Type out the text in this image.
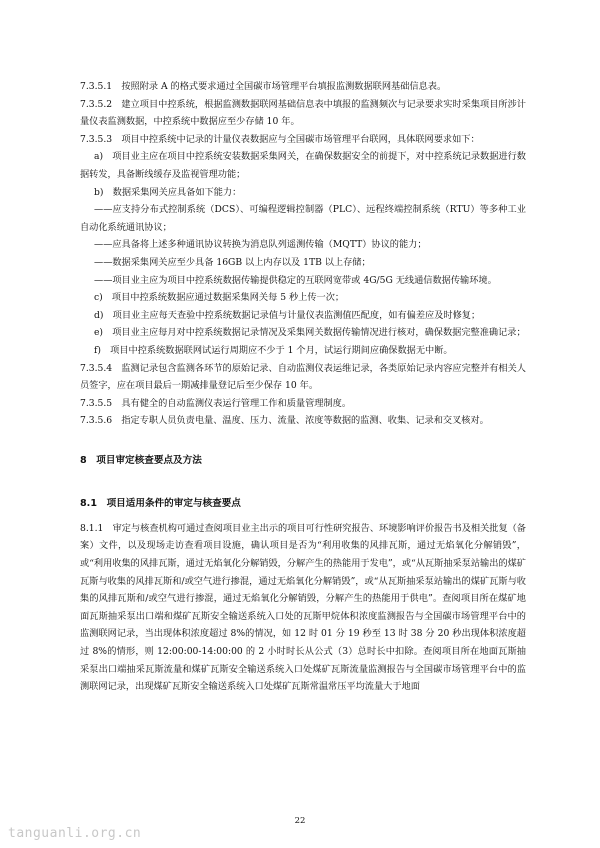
7.3.5.1　按照附录 A 的格式要求通过全国碳市场管理平台填报监测数据联网基础信息表。

7.3.5.2　建立项目中控系统，根据监测数据联网基础信息表中填报的监测频次与记录要求实时采集项目所涉计量仪表监测数据，中控系统中数据应至少存储 10 年。

7.3.5.3　项目中控系统中记录的计量仪表数据应与全国碳市场管理平台联网，具体联网要求如下：

a)　项目业主应在项目中控系统安装数据采集网关，在确保数据安全的前提下，对中控系统记录数据进行数据转发，具备断线缓存及监视管理功能；

b)　数据采集网关应具备如下能力：

——应支持分布式控制系统（DCS）、可编程逻辑控制器（PLC）、远程终端控制系统（RTU）等多种工业自动化系统通讯协议；

——应具备将上述多种通讯协议转换为消息队列遥测传输（MQTT）协议的能力；

——数据采集网关应至少具备 16GB 以上内存以及 1TB 以上存储；

——项目业主应为项目中控系统数据传输提供稳定的互联网宽带或 4G/5G 无线通信数据传输环境。

c)　项目中控系统数据应通过数据采集网关每 5 秒上传一次；

d)　项目业主应每天查验中控系统数据记录值与计量仪表监测值匹配度，如有偏差应及时修复；

e)　项目业主应每月对中控系统数据记录情况及采集网关数据传输情况进行核对，确保数据完整准确记录；

f)　项目中控系统数据联网试运行周期应不少于 1 个月，试运行期间应确保数据无中断。

7.3.5.4　监测记录包含监测各环节的原始记录、自动监测仪表运维记录，各类原始记录内容应完整并有相关人员签字，应在项目最后一期减排量登记后至少保存 10 年。

7.3.5.5　具有健全的自动监测仪表运行管理工作和质量管理制度。

7.3.5.6　指定专职人员负责电量、温度、压力、流量、浓度等数据的监测、收集、记录和交叉核对。

8　项目审定核查要点及方法

8.1　项目适用条件的审定与核查要点

8.1.1　审定与核查机构可通过查阅项目业主出示的项目可行性研究报告、环境影响评价报告书及相关批复（备案）文件，以及现场走访查看项目设施，确认项目是否为“利用收集的风排瓦斯，通过无焰氧化分解销毁”，或“利用收集的风排瓦斯，通过无焰氧化分解销毁，分解产生的热能用于发电”，或“从瓦斯抽采泵站输出的煤矿瓦斯与收集的风排瓦斯和/或空气进行掺混，通过无焰氧化分解销毁”，或“从瓦斯抽采泵站输出的煤矿瓦斯与收集的风排瓦斯和/或空气进行掺混，通过无焰氧化分解销毁，分解产生的热能用于供电”。查阅项目所在煤矿地面瓦斯抽采泵出口端和煤矿瓦斯安全输送系统入口处的瓦斯甲烷体积浓度监测报告与全国碳市场管理平台中的监测联网记录，当出现体积浓度超过 8%的情况，如 12 时 01 分 19 秒至 13 时 38 分 20 秒出现体积浓度超过 8%的情形，则 12:00:00-14:00:00 的 2 小时时长从公式（3）总时长中扣除。查阅项目所在地面瓦斯抽采泵出口端抽采瓦斯流量和煤矿瓦斯安全输送系统入口处煤矿瓦斯流量监测报告与全国碳市场管理平台中的监测联网记录，出现煤矿瓦斯安全输送系统入口处煤矿瓦斯常温常压平均流量大于地面

22
tanguanli.org.cn
